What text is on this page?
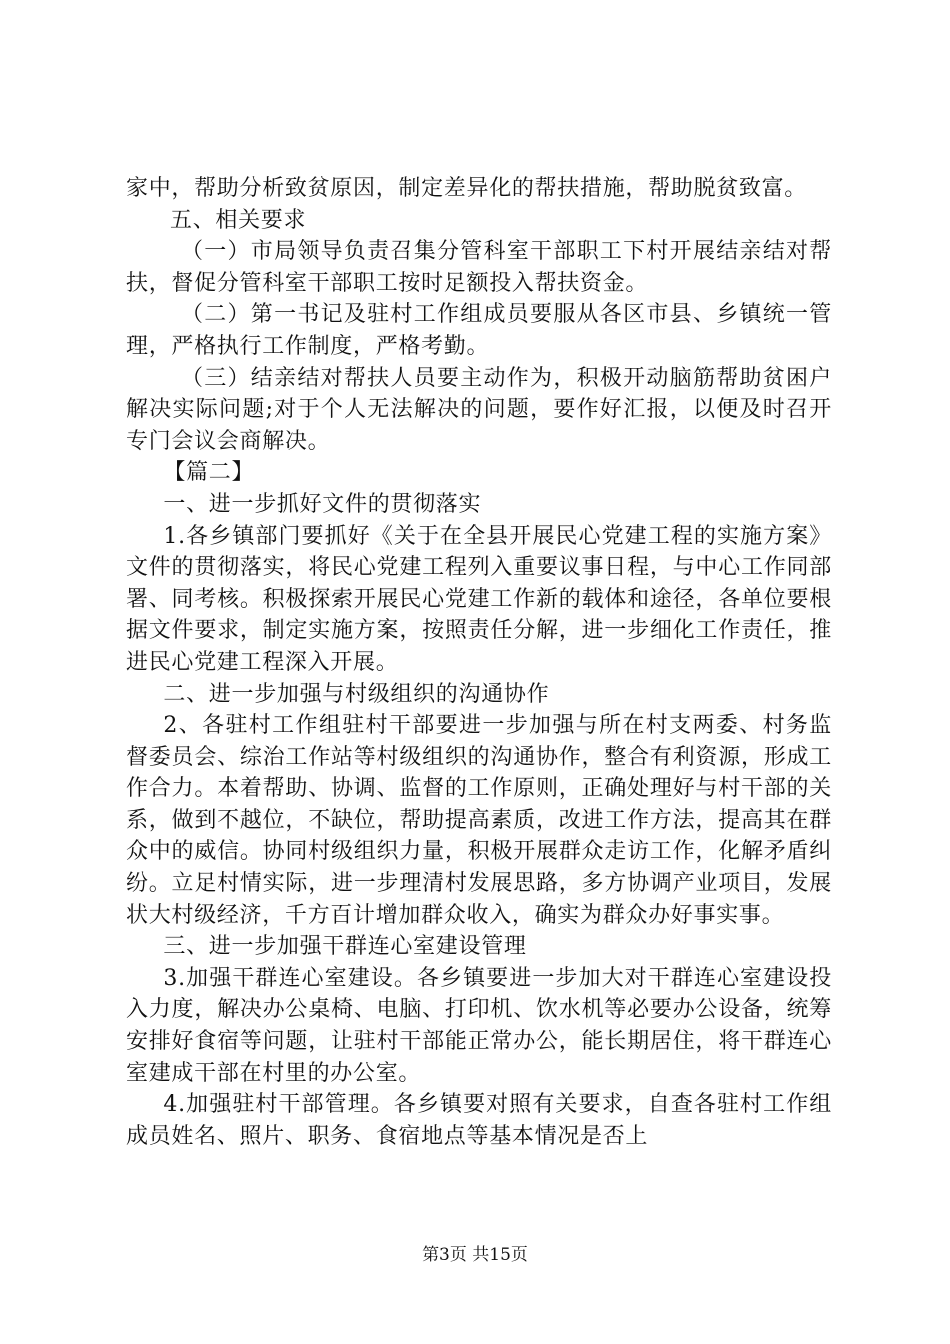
家中，帮助分析致贫原因，制定差异化的帮扶措施，帮助脱贫致富。

五、相关要求

（一）市局领导负责召集分管科室干部职工下村开展结亲结对帮扶，督促分管科室干部职工按时足额投入帮扶资金。

（二）第一书记及驻村工作组成员要服从各区市县、乡镇统一管理，严格执行工作制度，严格考勤。

（三）结亲结对帮扶人员要主动作为，积极开动脑筋帮助贫困户解决实际问题;对于个人无法解决的问题，要作好汇报，以便及时召开专门会议会商解决。

【篇二】

一、进一步抓好文件的贯彻落实

1.各乡镇部门要抓好《关于在全县开展民心党建工程的实施方案》文件的贯彻落实，将民心党建工程列入重要议事日程，与中心工作同部署、同考核。积极探索开展民心党建工作新的载体和途径，各单位要根据文件要求，制定实施方案，按照责任分解，进一步细化工作责任，推进民心党建工程深入开展。

二、进一步加强与村级组织的沟通协作

2、各驻村工作组驻村干部要进一步加强与所在村支两委、村务监督委员会、综治工作站等村级组织的沟通协作，整合有利资源，形成工作合力。本着帮助、协调、监督的工作原则，正确处理好与村干部的关系，做到不越位，不缺位，帮助提高素质，改进工作方法，提高其在群众中的威信。协同村级组织力量，积极开展群众走访工作，化解矛盾纠纷。立足村情实际，进一步理清村发展思路，多方协调产业项目，发展状大村级经济，千方百计增加群众收入，确实为群众办好事实事。

三、进一步加强干群连心室建设管理

3.加强干群连心室建设。各乡镇要进一步加大对干群连心室建设投入力度，解决办公桌椅、电脑、打印机、饮水机等必要办公设备，统筹安排好食宿等问题，让驻村干部能正常办公，能长期居住，将干群连心室建成干部在村里的办公室。

4.加强驻村干部管理。各乡镇要对照有关要求，自查各驻村工作组成员姓名、照片、职务、食宿地点等基本情况是否上

第3页 共15页
